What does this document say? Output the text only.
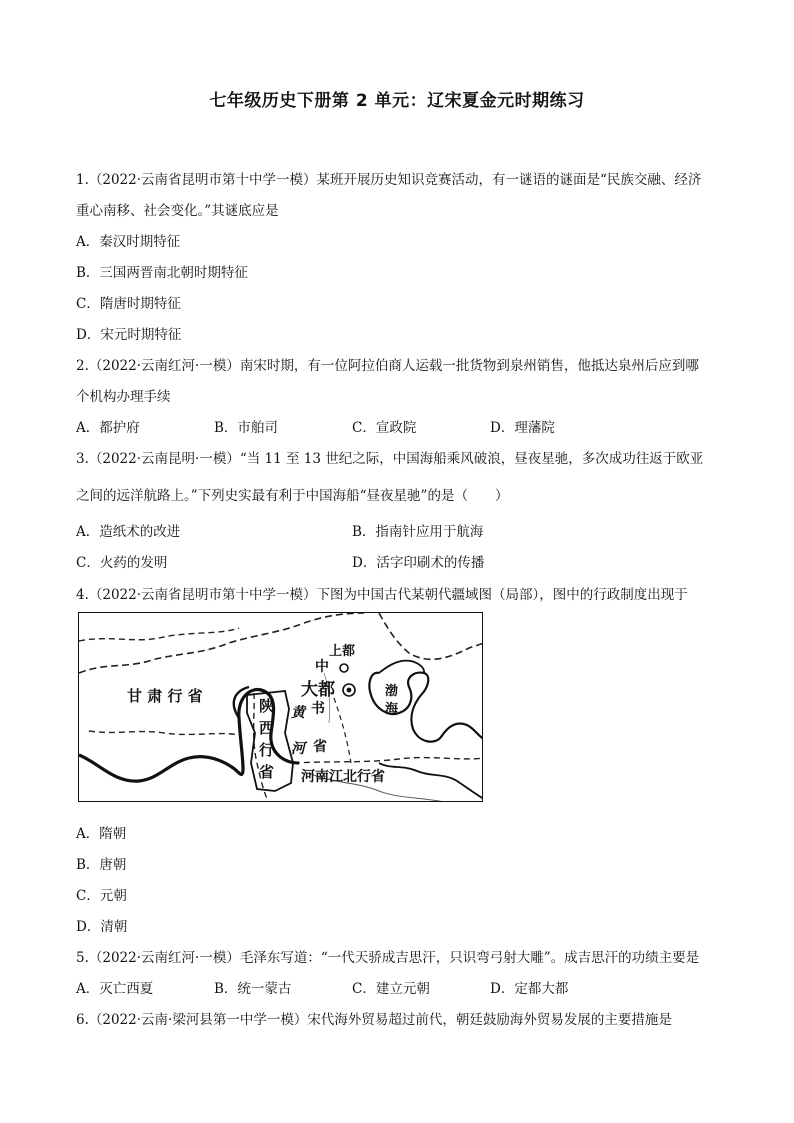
七年级历史下册第 2 单元：辽宋夏金元时期练习
1.（2022·云南省昆明市第十中学一模）某班开展历史知识竞赛活动，有一谜语的谜面是“民族交融、经济
重心南移、社会变化。”其谜底应是
A．秦汉时期特征
B．三国两晋南北朝时期特征
C．隋唐时期特征
D．宋元时期特征
2.（2022·云南红河·一模）南宋时期，有一位阿拉伯商人运载一批货物到泉州销售，他抵达泉州后应到哪
个机构办理手续
A．都护府	B．市舶司	C．宣政院	D．理藩院
3.（2022·云南昆明·一模）“当 11 至 13 世纪之际，中国海船乘风破浪，昼夜星驰，多次成功往返于欧亚
之间的远洋航路上。”下列史实最有利于中国海船“昼夜星驰”的是（　　）
A．造纸术的改进	B．指南针应用于航海
C．火药的发明	D．活字印刷术的传播
4.（2022·云南省昆明市第十中学一模）下图为中国古代某朝代疆域图（局部），图中的行政制度出现于
甘 肃 行 省
陕
西
行
省
中
书
省
上都
大都
黄
河
渤
海
河南江北行省
A．隋朝
B．唐朝
C．元朝
D．清朝
5.（2022·云南红河·一模）毛泽东写道：“一代天骄成吉思汗，只识弯弓射大雕”。成吉思汗的功绩主要是
A．灭亡西夏	B．统一蒙古	C．建立元朝	D．定都大都
6.（2022·云南·梁河县第一中学一模）宋代海外贸易超过前代，朝廷鼓励海外贸易发展的主要措施是
